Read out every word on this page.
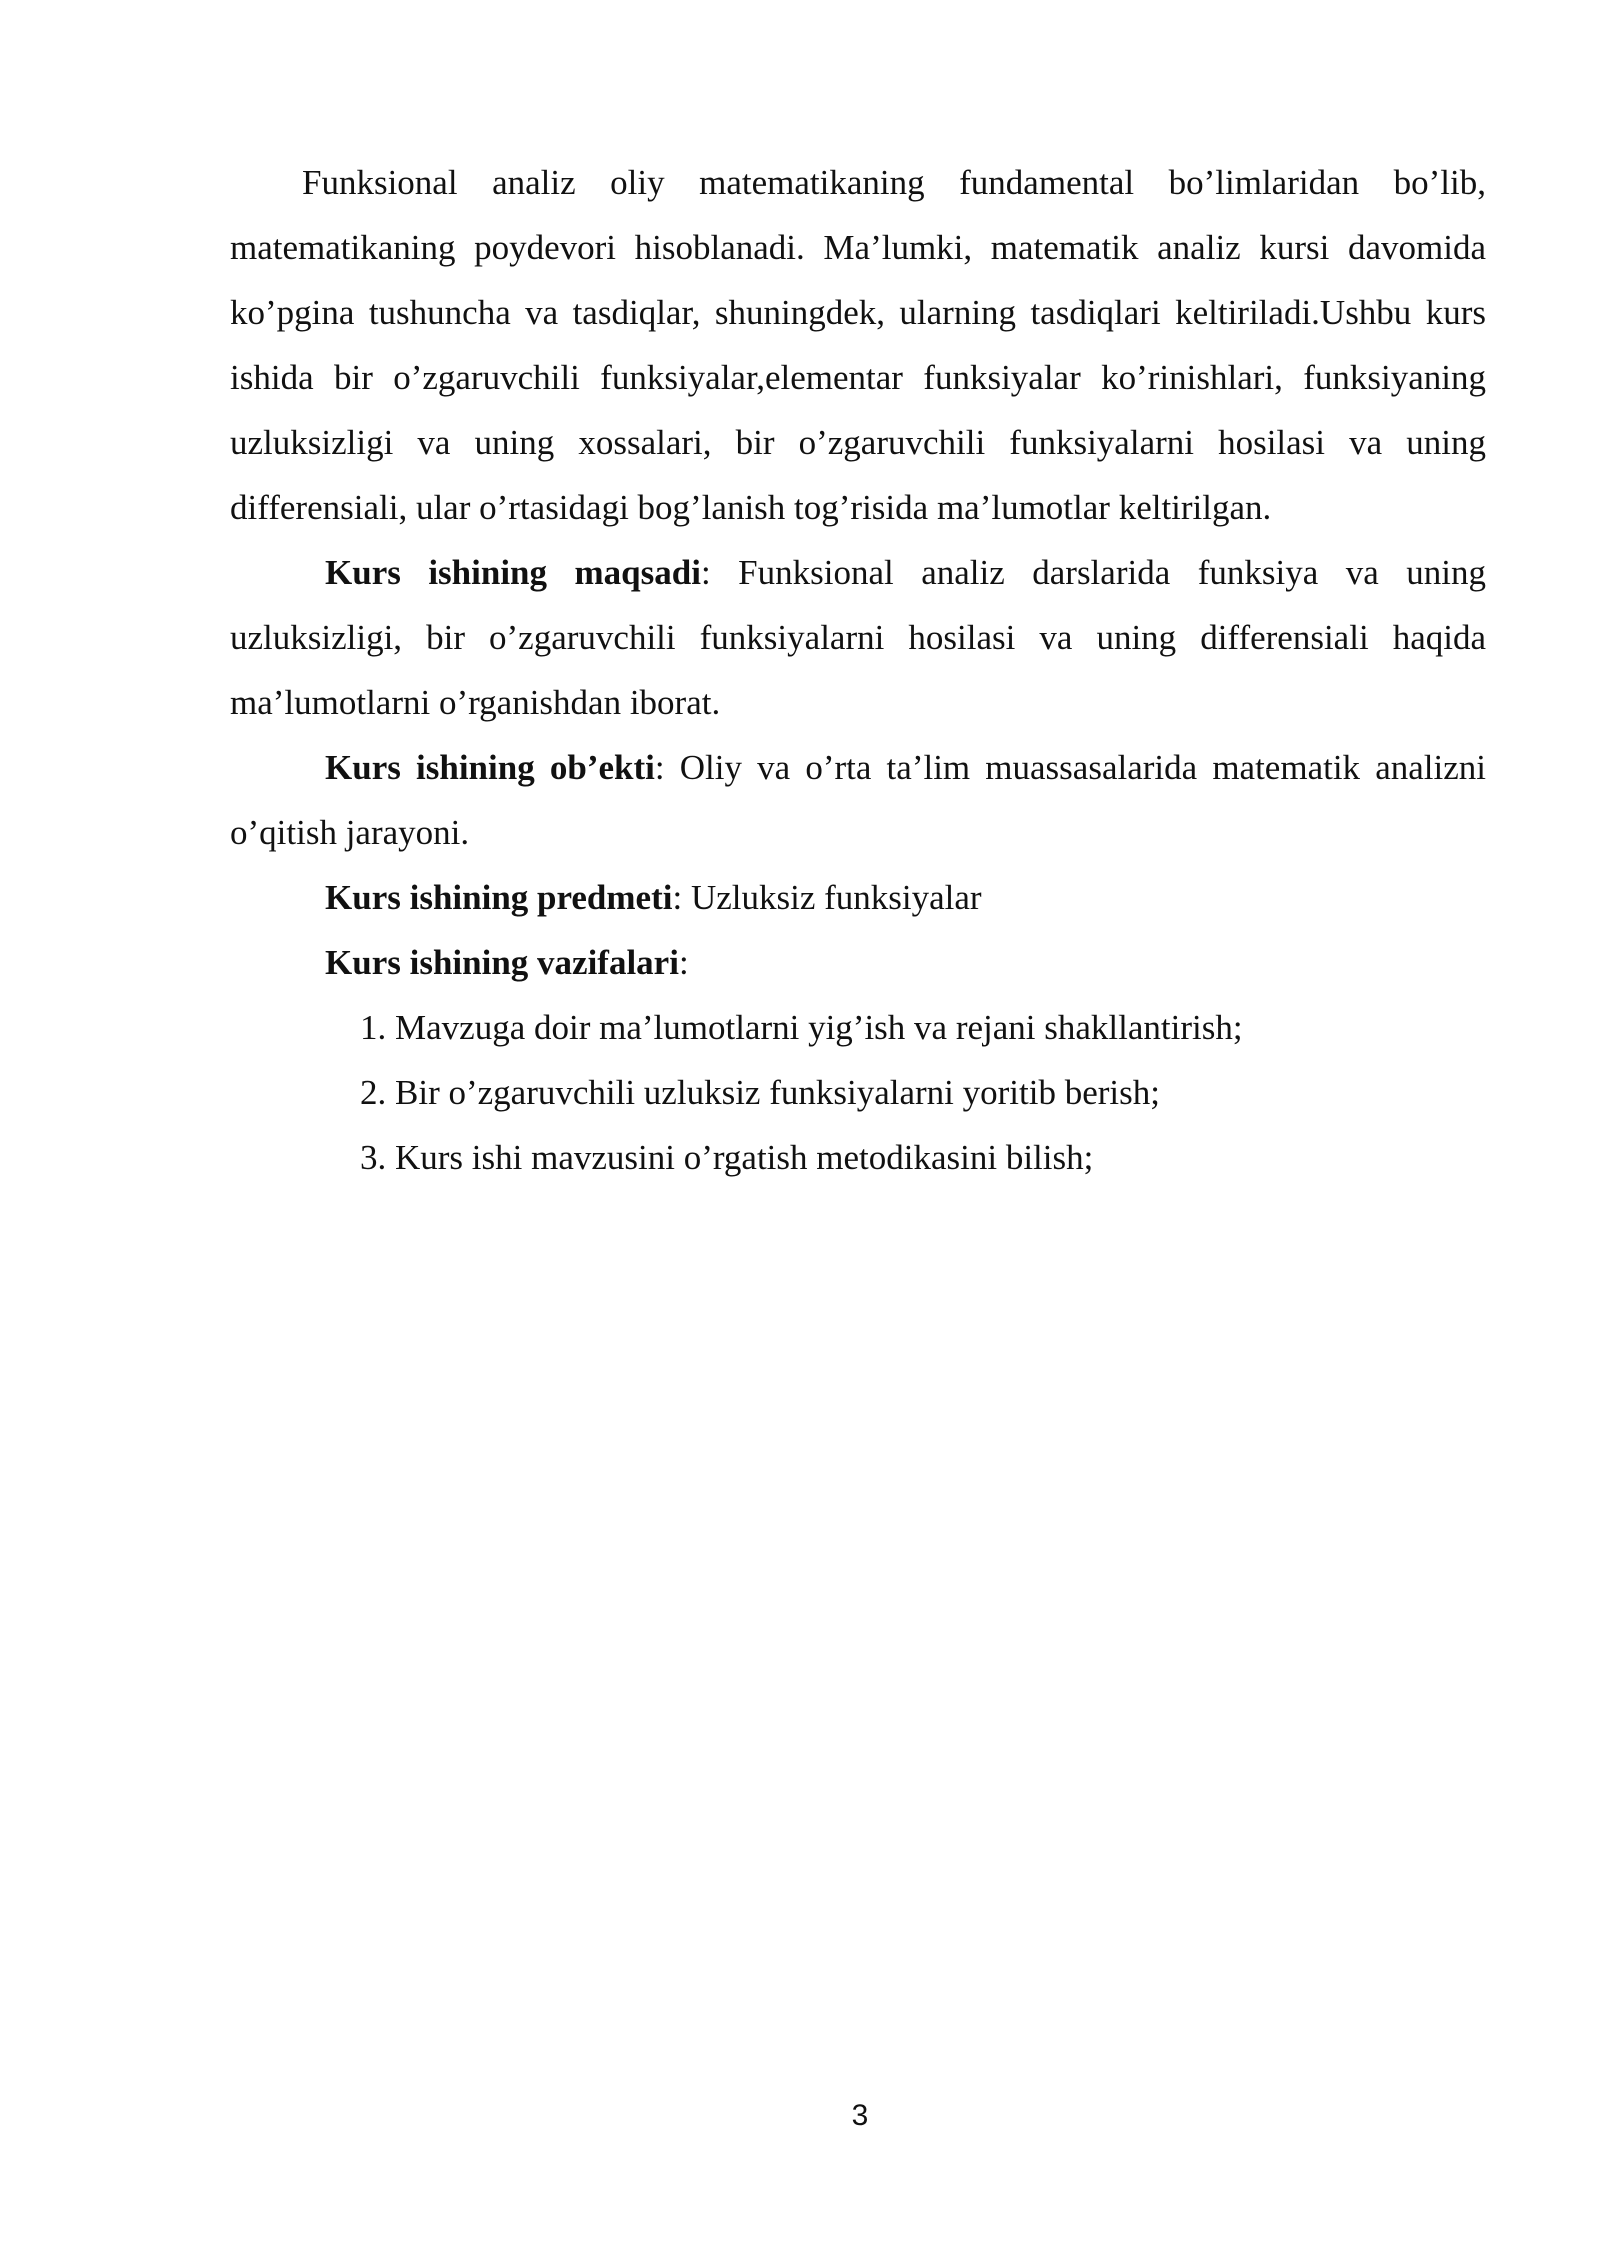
Funksional analiz oliy matematikaning fundamental bo’limlaridan bo’lib, matematikaning poydevori hisoblanadi. Ma’lumki, matematik analiz kursi davomida ko’pgina tushuncha va tasdiqlar, shuningdek, ularning tasdiqlari keltiriladi.Ushbu kurs ishida bir o’zgaruvchili funksiyalar,elementar funksiyalar ko’rinishlari, funksiyaning uzluksizligi va uning xossalari, bir o’zgaruvchili funksiyalarni hosilasi va uning differensiali, ular o’rtasidagi bog’lanish tog’risida ma’lumotlar keltirilgan.

Kurs ishining maqsadi: Funksional analiz darslarida funksiya va uning uzluksizligi, bir o’zgaruvchili funksiyalarni hosilasi va uning differensiali haqida ma’lumotlarni o’rganishdan iborat.

Kurs ishining ob’ekti: Oliy va o’rta ta’lim muassasalarida matematik analizni o’qitish jarayoni.

Kurs ishining predmeti: Uzluksiz funksiyalar

Kurs ishining vazifalari:

1. Mavzuga doir ma’lumotlarni yig’ish va rejani shakllantirish;
2. Bir o’zgaruvchili uzluksiz funksiyalarni yoritib berish;
3. Kurs ishi mavzusini o’rgatish metodikasini bilish;
3
